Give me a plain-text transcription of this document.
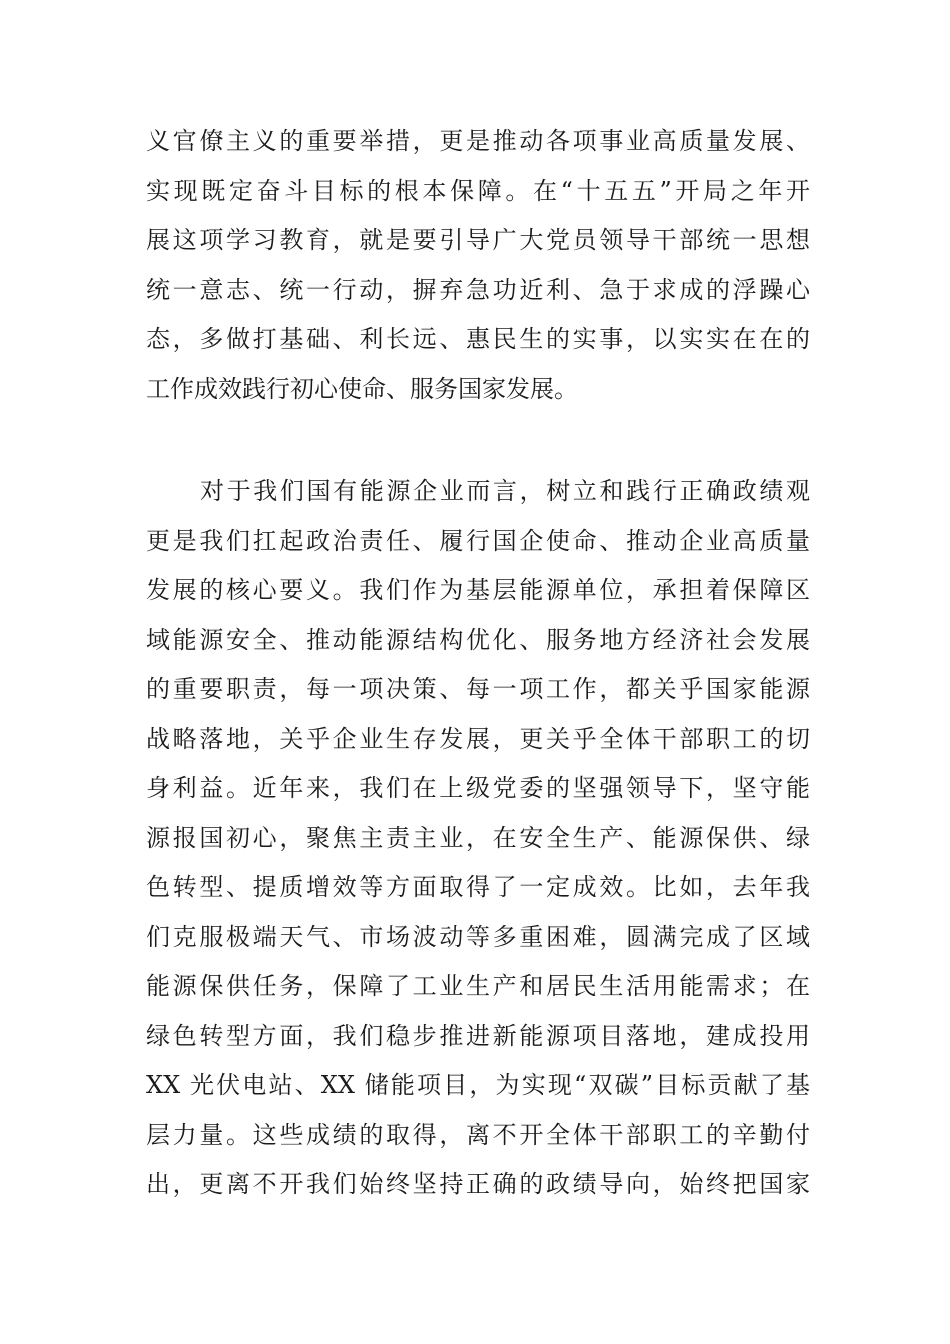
义官僚主义的重要举措，更是推动各项事业高质量发展、
实现既定奋斗目标的根本保障。在“十五五”开局之年开
展这项学习教育，就是要引导广大党员领导干部统一思想
统一意志、统一行动，摒弃急功近利、急于求成的浮躁心
态，多做打基础、利长远、惠民生的实事，以实实在在的
工作成效践行初心使命、服务国家发展。
对于我们国有能源企业而言，树立和践行正确政绩观
更是我们扛起政治责任、履行国企使命、推动企业高质量
发展的核心要义。我们作为基层能源单位，承担着保障区
域能源安全、推动能源结构优化、服务地方经济社会发展
的重要职责，每一项决策、每一项工作，都关乎国家能源
战略落地，关乎企业生存发展，更关乎全体干部职工的切
身利益。近年来，我们在上级党委的坚强领导下，坚守能
源报国初心，聚焦主责主业，在安全生产、能源保供、绿
色转型、提质增效等方面取得了一定成效。比如，去年我
们克服极端天气、市场波动等多重困难，圆满完成了区域
能源保供任务，保障了工业生产和居民生活用能需求；在
绿色转型方面，我们稳步推进新能源项目落地，建成投用
XX 光伏电站、XX 储能项目，为实现“双碳”目标贡献了基
层力量。这些成绩的取得，离不开全体干部职工的辛勤付
出，更离不开我们始终坚持正确的政绩导向，始终把国家
